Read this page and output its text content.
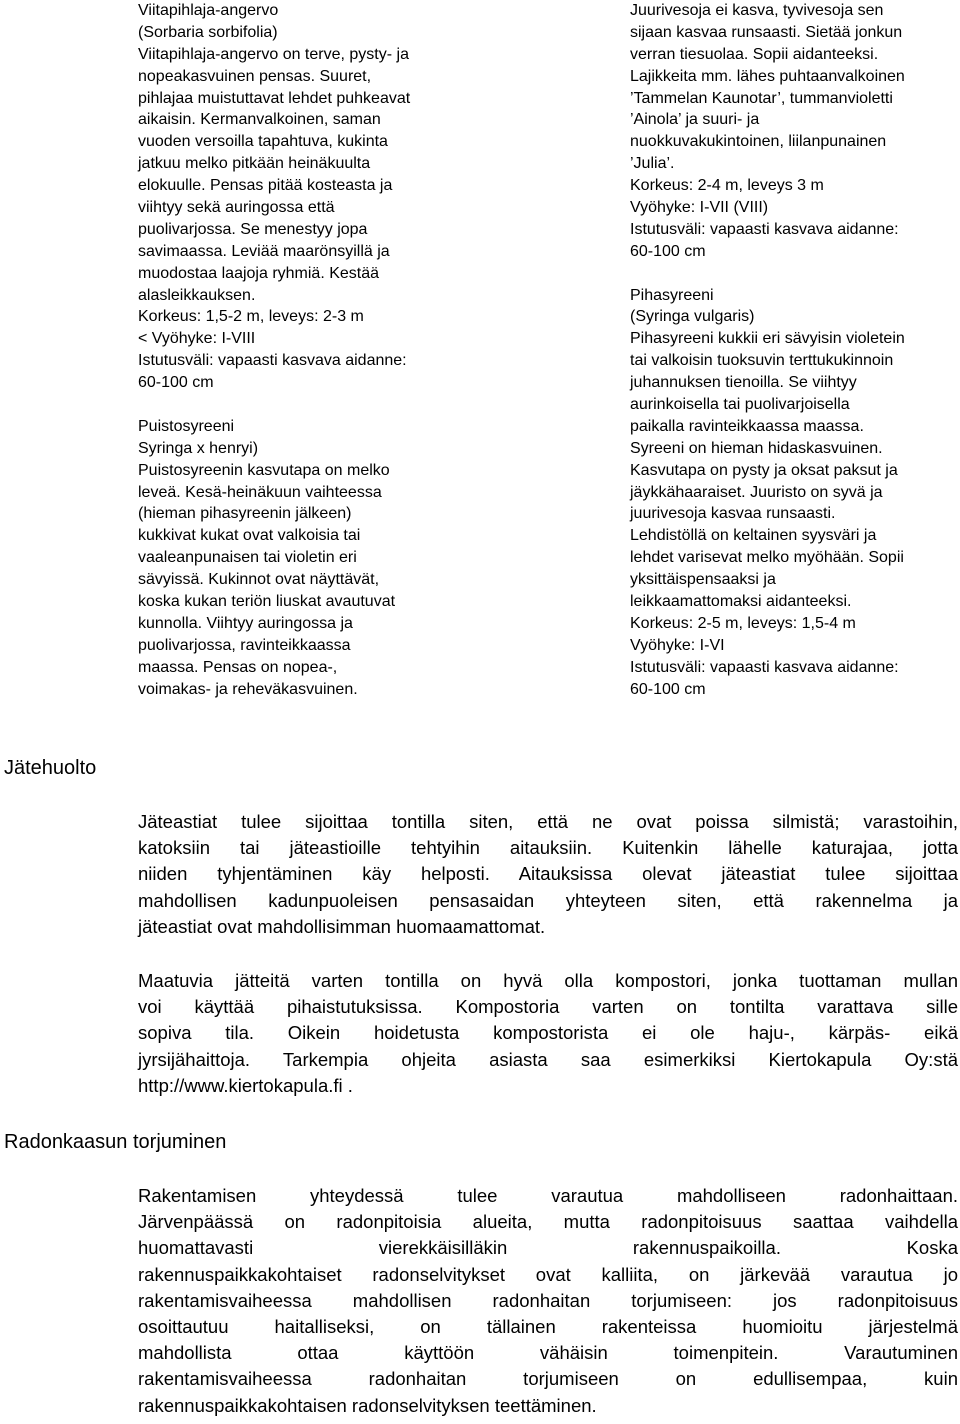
Viitapihlaja-angervo
(Sorbaria sorbifolia)
Viitapihlaja-angervo on terve, pysty- ja
nopeakasvuinen pensas. Suuret,
pihlajaa muistuttavat lehdet puhkeavat
aikaisin. Kermanvalkoinen, saman
vuoden versoilla tapahtuva, kukinta
jatkuu melko pitkään heinäkuulta
elokuulle. Pensas pitää kosteasta ja
viihtyy sekä auringossa että
puolivarjossa. Se menestyy jopa
savimaassa. Leviää maarönsyillä ja
muodostaa laajoja ryhmiä. Kestää
alasleikkauksen.
Korkeus: 1,5-2 m, leveys: 2-3 m
< Vyöhyke: I-VIII
Istutusväli: vapaasti kasvava aidanne:
60-100 cm

Puistosyreeni
Syringa x henryi)
Puistosyreenin kasvutapa on melko
leveä. Kesä-heinäkuun vaihteessa
(hieman pihasyreenin jälkeen)
kukkivat kukat ovat valkoisia tai
vaaleanpunaisen tai violetin eri
sävyissä. Kukinnot ovat näyttävät,
koska kukan teriön liuskat avautuvat
kunnolla. Viihtyy auringossa ja
puolivarjossa, ravinteikkaassa
maassa. Pensas on nopea-,
voimakas- ja reheväkasvuinen.
Juurivesoja ei kasva, tyvivesoja sen
sijaan kasvaa runsaasti. Sietää jonkun
verran tiesuolaa. Sopii aidanteeksi.
Lajikkeita mm. lähes puhtaanvalkoinen
’Tammelan Kaunotar’, tummanvioletti
’Ainola’ ja suuri- ja
nuokkuvakukintoinen, liilanpunainen
’Julia’.
Korkeus: 2-4 m, leveys 3 m
Vyöhyke: I-VII (VIII)
Istutusväli: vapaasti kasvava aidanne:
60-100 cm

Pihasyreeni
(Syringa vulgaris)
Pihasyreeni kukkii eri sävyisin violetein
tai valkoisin tuoksuvin terttukukinnoin
juhannuksen tienoilla. Se viihtyy
aurinkoisella tai puolivarjoisella
paikalla ravinteikkaassa maassa.
Syreeni on hieman hidaskasvuinen.
Kasvutapa on pysty ja oksat paksut ja
jäykkähaaraiset. Juuristo on syvä ja
juurivesoja kasvaa runsaasti.
Lehdistöllä on keltainen syysväri ja
lehdet varisevat melko myöhään. Sopii
yksittäispensaaksi ja
leikkaamattomaksi aidanteeksi.
Korkeus: 2-5 m, leveys: 1,5-4 m
Vyöhyke: I-VI
Istutusväli: vapaasti kasvava aidanne:
60-100 cm
Jätehuolto
Jäteastiat tulee sijoittaa tontilla siten, että ne ovat poissa silmistä; varastoihin,
katoksiin tai jäteastioille tehtyihin aitauksiin. Kuitenkin lähelle katurajaa, jotta
niiden tyhjentäminen käy helposti. Aitauksissa olevat jäteastiat tulee sijoittaa
mahdollisen kadunpuoleisen pensasaidan yhteyteen siten, että rakennelma ja
jäteastiat ovat mahdollisimman huomaamattomat.
Maatuvia jätteitä varten tontilla on hyvä olla kompostori, jonka tuottaman mullan
voi käyttää pihaistutuksissa. Kompostoria varten on tontilta varattava sille
sopiva tila. Oikein hoidetusta kompostorista ei ole haju-, kärpäs- eikä
jyrsijähaittoja. Tarkempia ohjeita asiasta saa esimerkiksi Kiertokapula Oy:stä
http://www.kiertokapula.fi .
Radonkaasun torjuminen
Rakentamisen yhteydessä tulee varautua mahdolliseen radonhaittaan.
Järvenpäässä on radonpitoisia alueita, mutta radonpitoisuus saattaa vaihdella
huomattavasti vierekkäisilläkin rakennuspaikoilla. Koska
rakennuspaikkakohtaiset radonselvitykset ovat kalliita, on järkevää varautua jo
rakentamisvaiheessa mahdollisen radonhaitan torjumiseen: jos radonpitoisuus
osoittautuu haitalliseksi, on tällainen rakenteissa huomioitu järjestelmä
mahdollista ottaa käyttöön vähäisin toimenpitein. Varautuminen
rakentamisvaiheessa radonhaitan torjumiseen on edullisempaa, kuin
rakennuspaikkakohtaisen radonselvityksen teettäminen.
